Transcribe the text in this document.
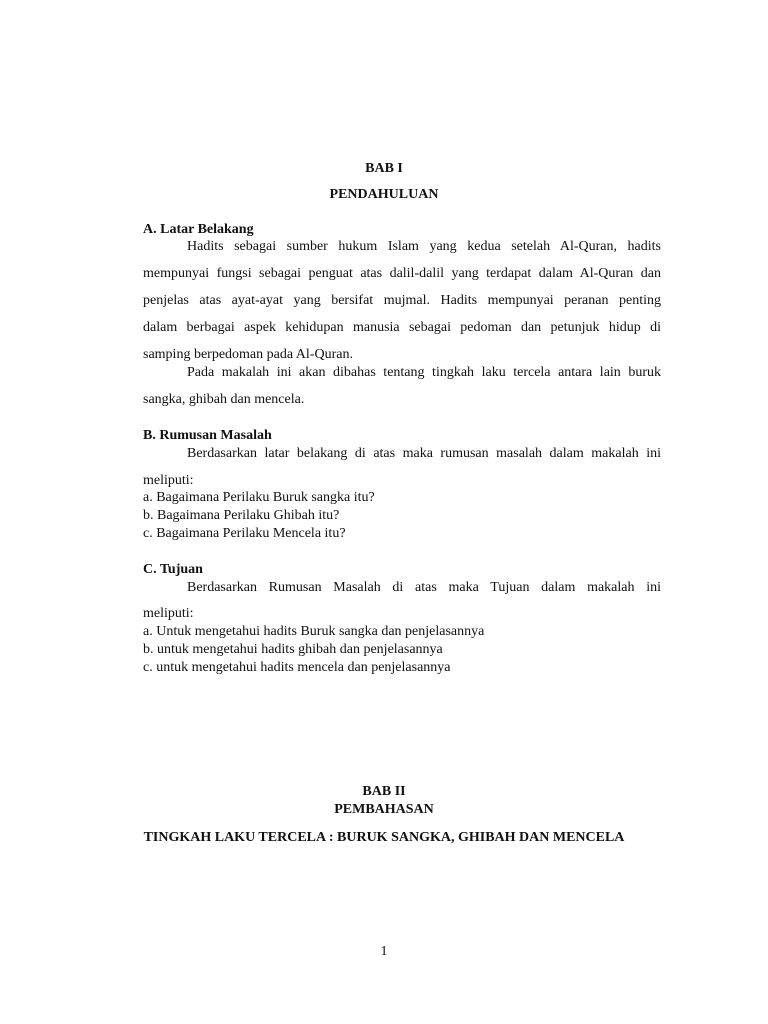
BAB I
PENDAHULUAN
A. Latar Belakang
Hadits sebagai sumber hukum Islam yang kedua setelah Al-Quran, hadits
mempunyai fungsi sebagai penguat atas dalil-dalil yang terdapat dalam Al-Quran dan
penjelas atas ayat-ayat yang bersifat mujmal. Hadits mempunyai peranan penting
dalam berbagai aspek kehidupan manusia sebagai pedoman dan petunjuk hidup di
samping berpedoman pada Al-Quran.
Pada makalah ini akan dibahas tentang tingkah laku tercela antara lain buruk
sangka, ghibah dan mencela.
B. Rumusan Masalah
Berdasarkan latar belakang di atas maka rumusan masalah dalam makalah ini
meliputi:
a. Bagaimana Perilaku Buruk sangka itu?
b. Bagaimana Perilaku Ghibah itu?
c. Bagaimana Perilaku Mencela itu?
C. Tujuan
Berdasarkan Rumusan Masalah di atas maka Tujuan dalam makalah ini
meliputi:
a. Untuk mengetahui hadits Buruk sangka dan penjelasannya
b. untuk mengetahui hadits ghibah dan penjelasannya
c. untuk mengetahui hadits mencela dan penjelasannya
BAB II
PEMBAHASAN
TINGKAH LAKU TERCELA : BURUK SANGKA, GHIBAH DAN MENCELA
1
